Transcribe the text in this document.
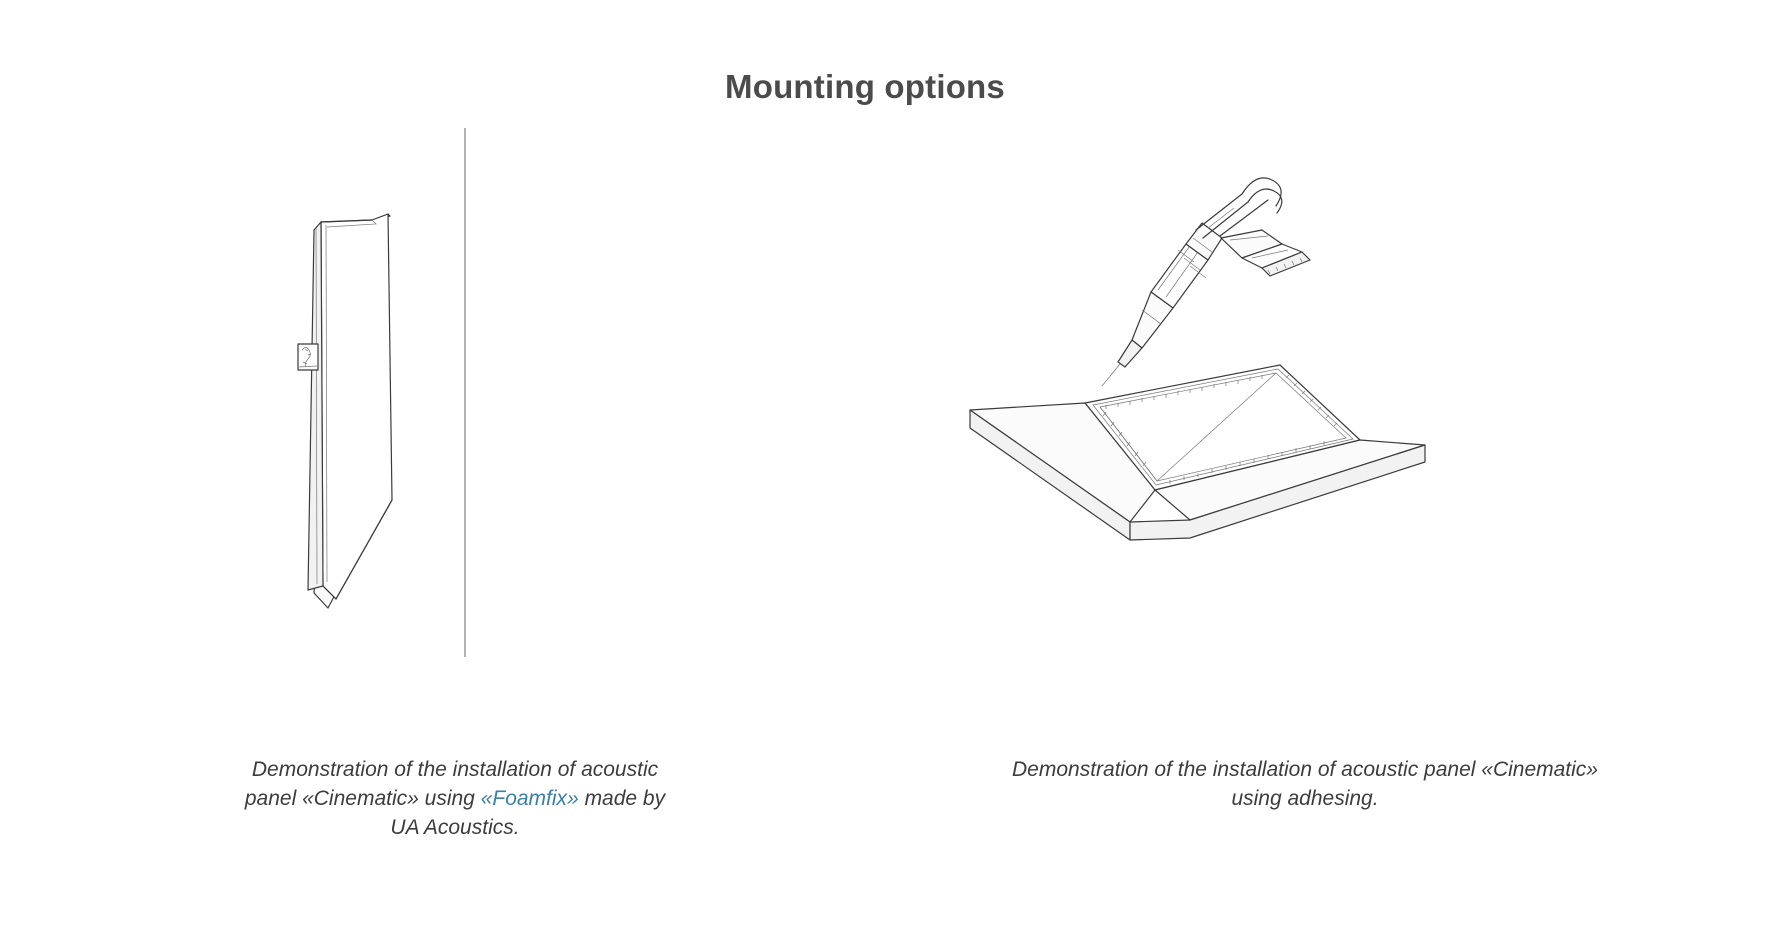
Mounting options
Demonstration of the installation of acoustic panel «Cinematic» using «Foamfix» made by UA Acoustics.
Demonstration of the installation of acoustic panel «Cinematic» using adhesing.
